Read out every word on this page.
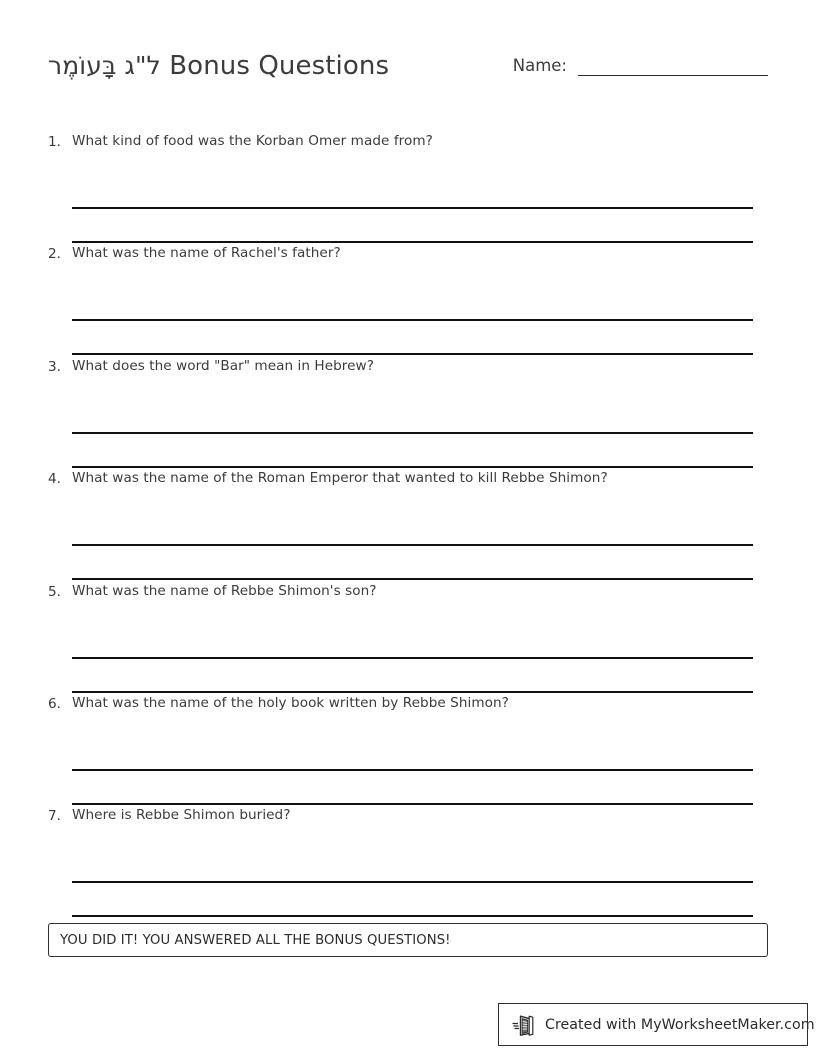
ל"ג בָּעוֹמֶר Bonus Questions	Name:
1. What kind of food was the Korban Omer made from?
2. What was the name of Rachel's father?
3. What does the word "Bar" mean in Hebrew?
4. What was the name of the Roman Emperor that wanted to kill Rebbe Shimon?
5. What was the name of Rebbe Shimon's son?
6. What was the name of the holy book written by Rebbe Shimon?
7. Where is Rebbe Shimon buried?
YOU DID IT! YOU ANSWERED ALL THE BONUS QUESTIONS!
Created with MyWorksheetMaker.com
